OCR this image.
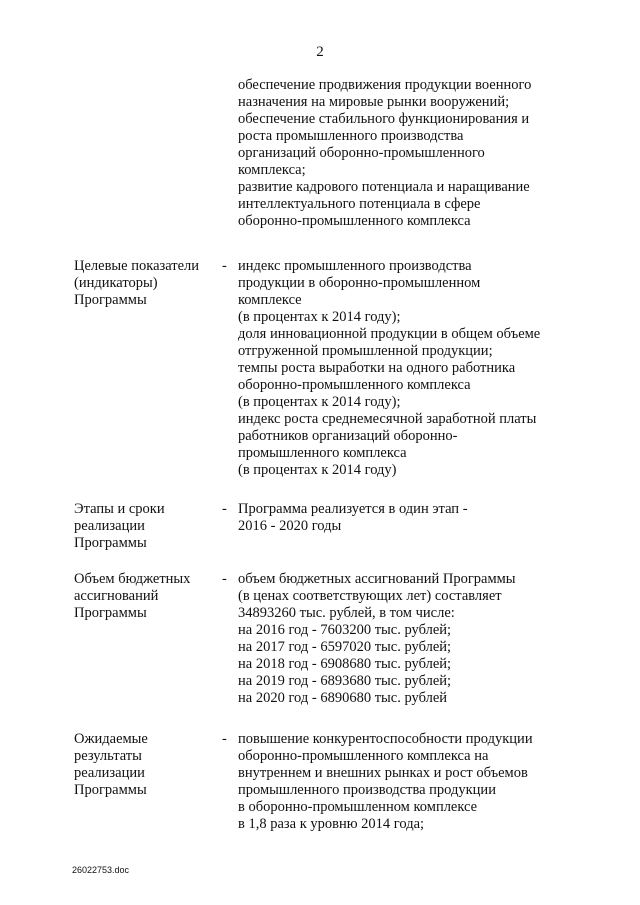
2
обеспечение продвижения продукции военного
назначения на мировые рынки вооружений;
обеспечение стабильного функционирования и
роста промышленного производства
организаций оборонно-промышленного
комплекса;
развитие кадрового потенциала и наращивание
интеллектуального потенциала в сфере
оборонно-промышленного комплекса
Целевые показатели
(индикаторы)
Программы
- индекс промышленного производства
продукции в оборонно-промышленном
комплексе
(в процентах к 2014 году);
доля инновационной продукции в общем объеме
отгруженной промышленной продукции;
темпы роста выработки на одного работника
оборонно-промышленного комплекса
(в процентах к 2014 году);
индекс роста среднемесячной заработной платы
работников организаций оборонно-
промышленного комплекса
(в процентах к 2014 году)
Этапы и сроки
реализации
Программы
- Программа реализуется в один этап -
2016 - 2020 годы
Объем бюджетных
ассигнований
Программы
- объем бюджетных ассигнований Программы
(в ценах соответствующих лет) составляет
34893260 тыс. рублей, в том числе:
на 2016 год - 7603200 тыс. рублей;
на 2017 год - 6597020 тыс. рублей;
на 2018 год - 6908680 тыс. рублей;
на 2019 год - 6893680 тыс. рублей;
на 2020 год - 6890680 тыс. рублей
Ожидаемые
результаты
реализации
Программы
- повышение конкурентоспособности продукции
оборонно-промышленного комплекса на
внутреннем и внешних рынках и рост объемов
промышленного производства продукции
в оборонно-промышленном комплексе
в 1,8 раза к уровню 2014 года;
26022753.doc
